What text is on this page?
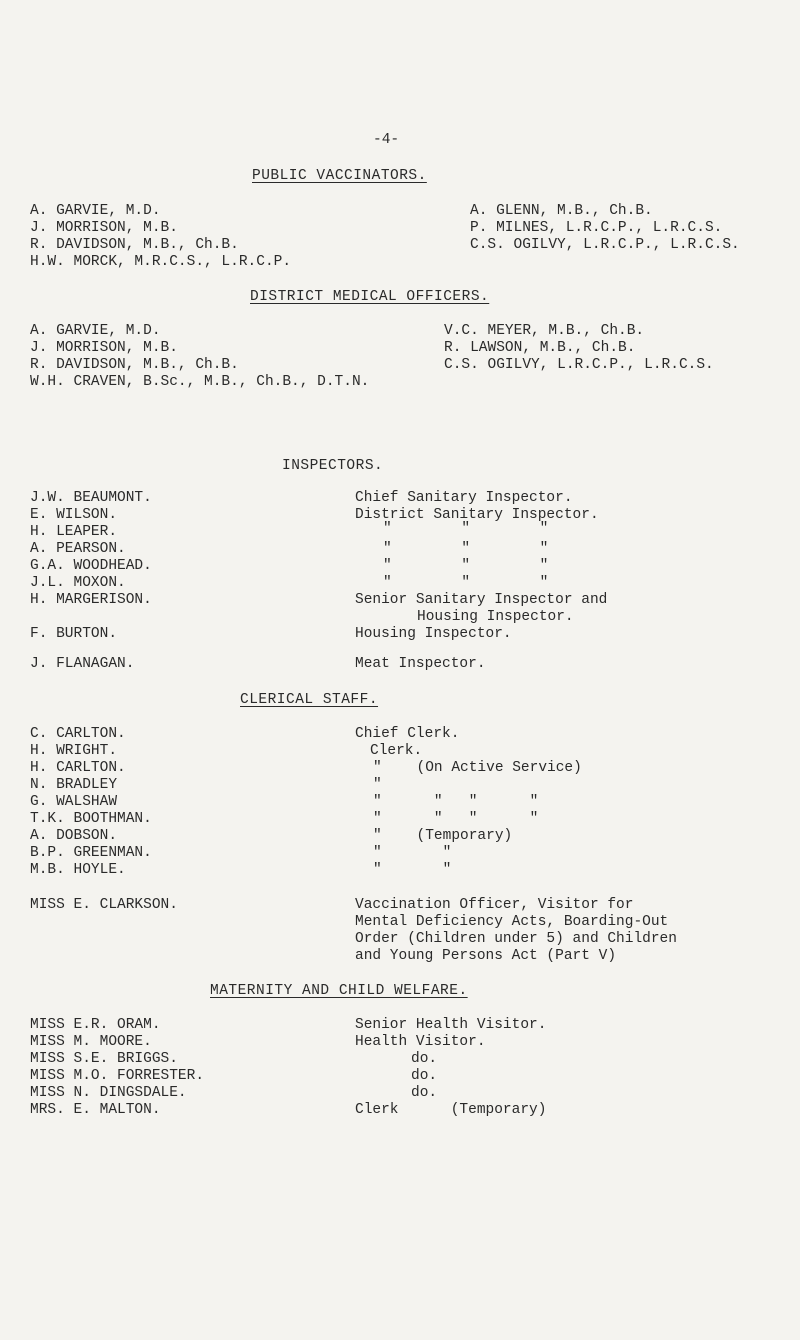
-4-
PUBLIC VACCINATORS.
A. GARVIE, M.D.	A. GLENN, M.B., Ch.B.
J. MORRISON, M.B.	P. MILNES, L.R.C.P., L.R.C.S.
R. DAVIDSON, M.B., Ch.B.	C.S. OGILVY, L.R.C.P., L.R.C.S.
H.W. MORCK, M.R.C.S., L.R.C.P.
DISTRICT MEDICAL OFFICERS.
A. GARVIE, M.D.	V.C. MEYER, M.B., Ch.B.
J. MORRISON, M.B.	R. LAWSON, M.B., Ch.B.
R. DAVIDSON, M.B., Ch.B.	C.S. OGILVY, L.R.C.P., L.R.C.S.
W.H. CRAVEN, B.Sc., M.B., Ch.B., D.T.N.
INSPECTORS.
J.W. BEAUMONT.	Chief Sanitary Inspector.
E. WILSON.	District Sanitary Inspector.
H. LEAPER.	"        "        "
A. PEARSON.	"        "        "
G.A. WOODHEAD.	"        "        "
J.L. MOXON.	"        "        "
H. MARGERISON.	Senior Sanitary Inspector and
Housing Inspector.
F. BURTON.	Housing Inspector.
J. FLANAGAN.	Meat Inspector.
CLERICAL STAFF.
C. CARLTON.	Chief Clerk.
H. WRIGHT.	Clerk.
H. CARLTON.	"    (On Active Service)
N. BRADLEY	"
G. WALSHAW	"      "   "      "
T.K. BOOTHMAN.	"      "   "      "
A. DOBSON.	"    (Temporary)
B.P. GREENMAN.	"       "
M.B. HOYLE.	"       "
MISS E. CLARKSON.	Vaccination Officer, Visitor for
Mental Deficiency Acts, Boarding-Out
Order (Children under 5) and Children
and Young Persons Act (Part V)
MATERNITY AND CHILD WELFARE.
MISS E.R. ORAM.	Senior Health Visitor.
MISS M. MOORE.	Health Visitor.
MISS S.E. BRIGGS.	do.
MISS M.O. FORRESTER.	do.
MISS N. DINGSDALE.	do.
MRS. E. MALTON.	Clerk      (Temporary)
